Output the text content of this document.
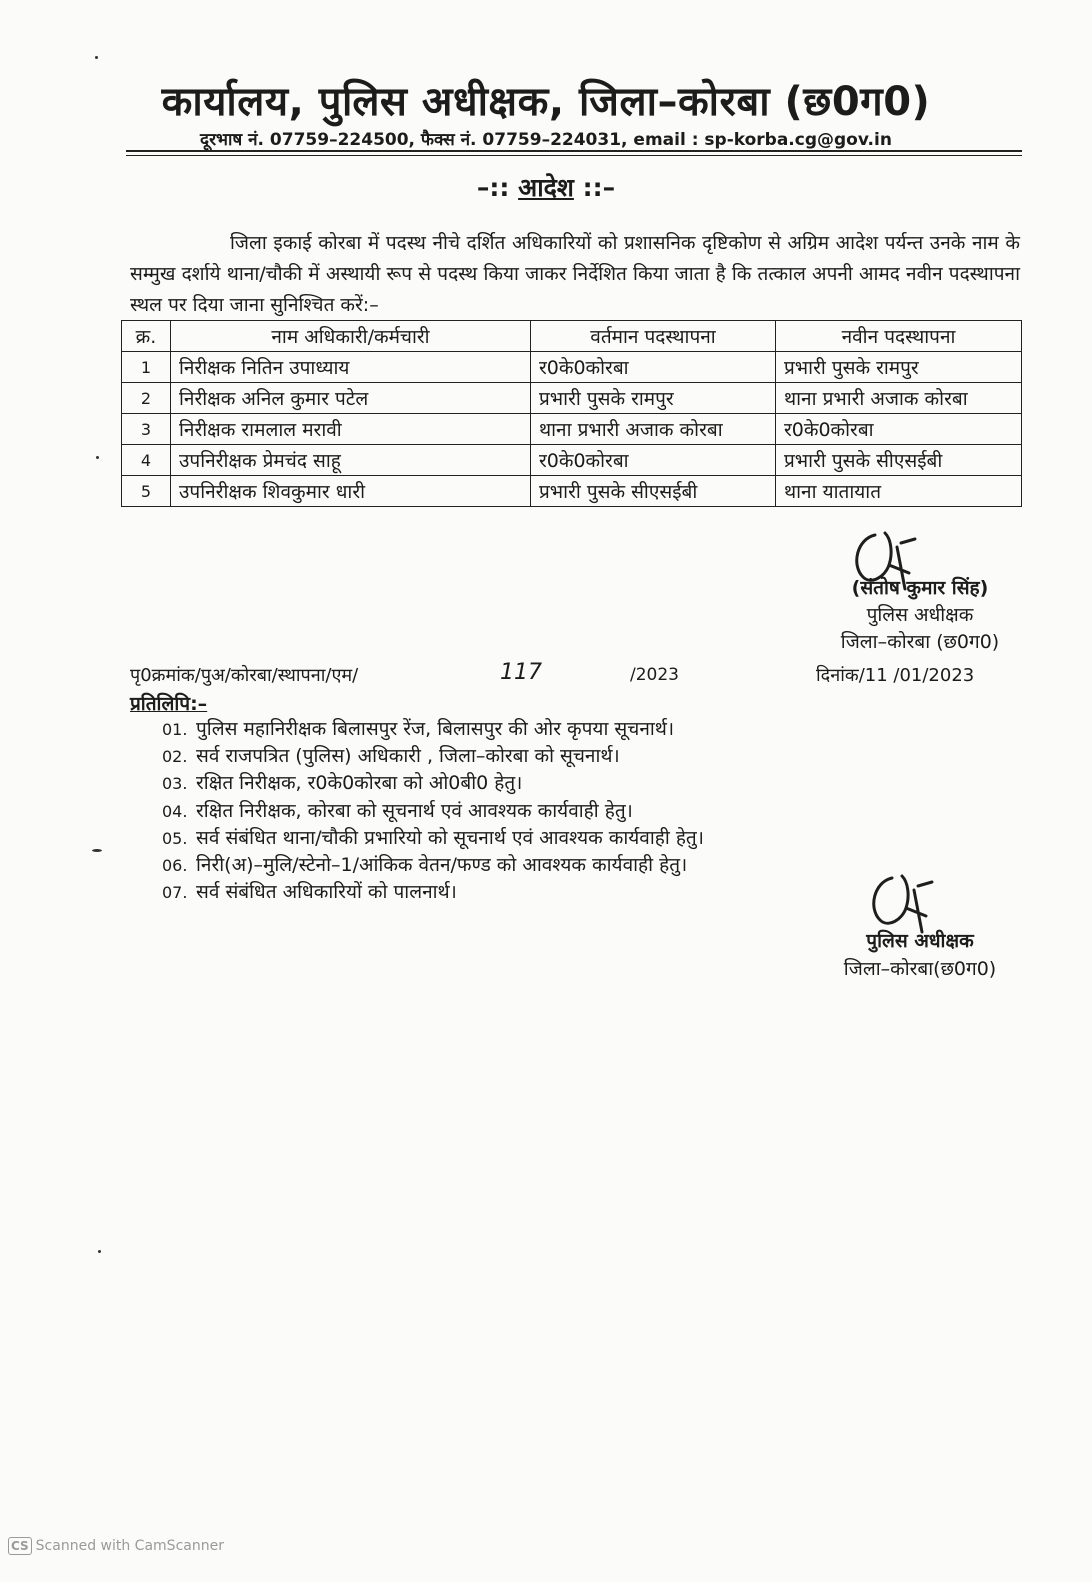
कार्यालय, पुलिस अधीक्षक, जिला–कोरबा (छ0ग0)
दूरभाष नं. 07759–224500, फैक्स नं. 07759–224031, email : sp-korba.cg@gov.in
–:: आदेश ::–
जिला इकाई कोरबा में पदस्थ नीचे दर्शित अधिकारियों को प्रशासनिक दृष्टिकोण से अग्रिम आदेश पर्यन्त उनके नाम के सम्मुख दर्शाये थाना/चौकी में अस्थायी रूप से पदस्थ किया जाकर निर्देशित किया जाता है कि तत्काल अपनी आमद नवीन पदस्थापना स्थल पर दिया जाना सुनिश्चित करें:–
क्र.	नाम अधिकारी/कर्मचारी	वर्तमान पदस्थापना	नवीन पदस्थापना
1	निरीक्षक नितिन उपाध्याय	र0के0कोरबा	प्रभारी पुसके रामपुर
2	निरीक्षक अनिल कुमार पटेल	प्रभारी पुसके रामपुर	थाना प्रभारी अजाक कोरबा
3	निरीक्षक रामलाल मरावी	थाना प्रभारी अजाक कोरबा	र0के0कोरबा
4	उपनिरीक्षक प्रेमचंद साहू	र0के0कोरबा	प्रभारी पुसके सीएसईबी
5	उपनिरीक्षक शिवकुमार धारी	प्रभारी पुसके सीएसईबी	थाना यातायात
(संतोष कुमार सिंह)
पुलिस अधीक्षक
जिला–कोरबा (छ0ग0)
पृ0क्रमांक/पुअ/कोरबा/स्थापना/एम/	117	/2023	दिनांक/11 /01/2023
प्रतिलिपि:–
01. पुलिस महानिरीक्षक बिलासपुर रेंज, बिलासपुर की ओर कृपया सूचनार्थ।
02. सर्व राजपत्रित (पुलिस) अधिकारी , जिला–कोरबा को सूचनार्थ।
03. रक्षित निरीक्षक, र0के0कोरबा को ओ0बी0 हेतु।
04. रक्षित निरीक्षक, कोरबा को सूचनार्थ एवं आवश्यक कार्यवाही हेतु।
05. सर्व संबंधित थाना/चौकी प्रभारियो को सूचनार्थ एवं आवश्यक कार्यवाही हेतु।
06. निरी(अ)–मुलि/स्टेनो–1/आंकिक वेतन/फण्ड को आवश्यक कार्यवाही हेतु।
07. सर्व संबंधित अधिकारियों को पालनार्थ।
पुलिस अधीक्षक
जिला–कोरबा(छ0ग0)
CS Scanned with CamScanner
